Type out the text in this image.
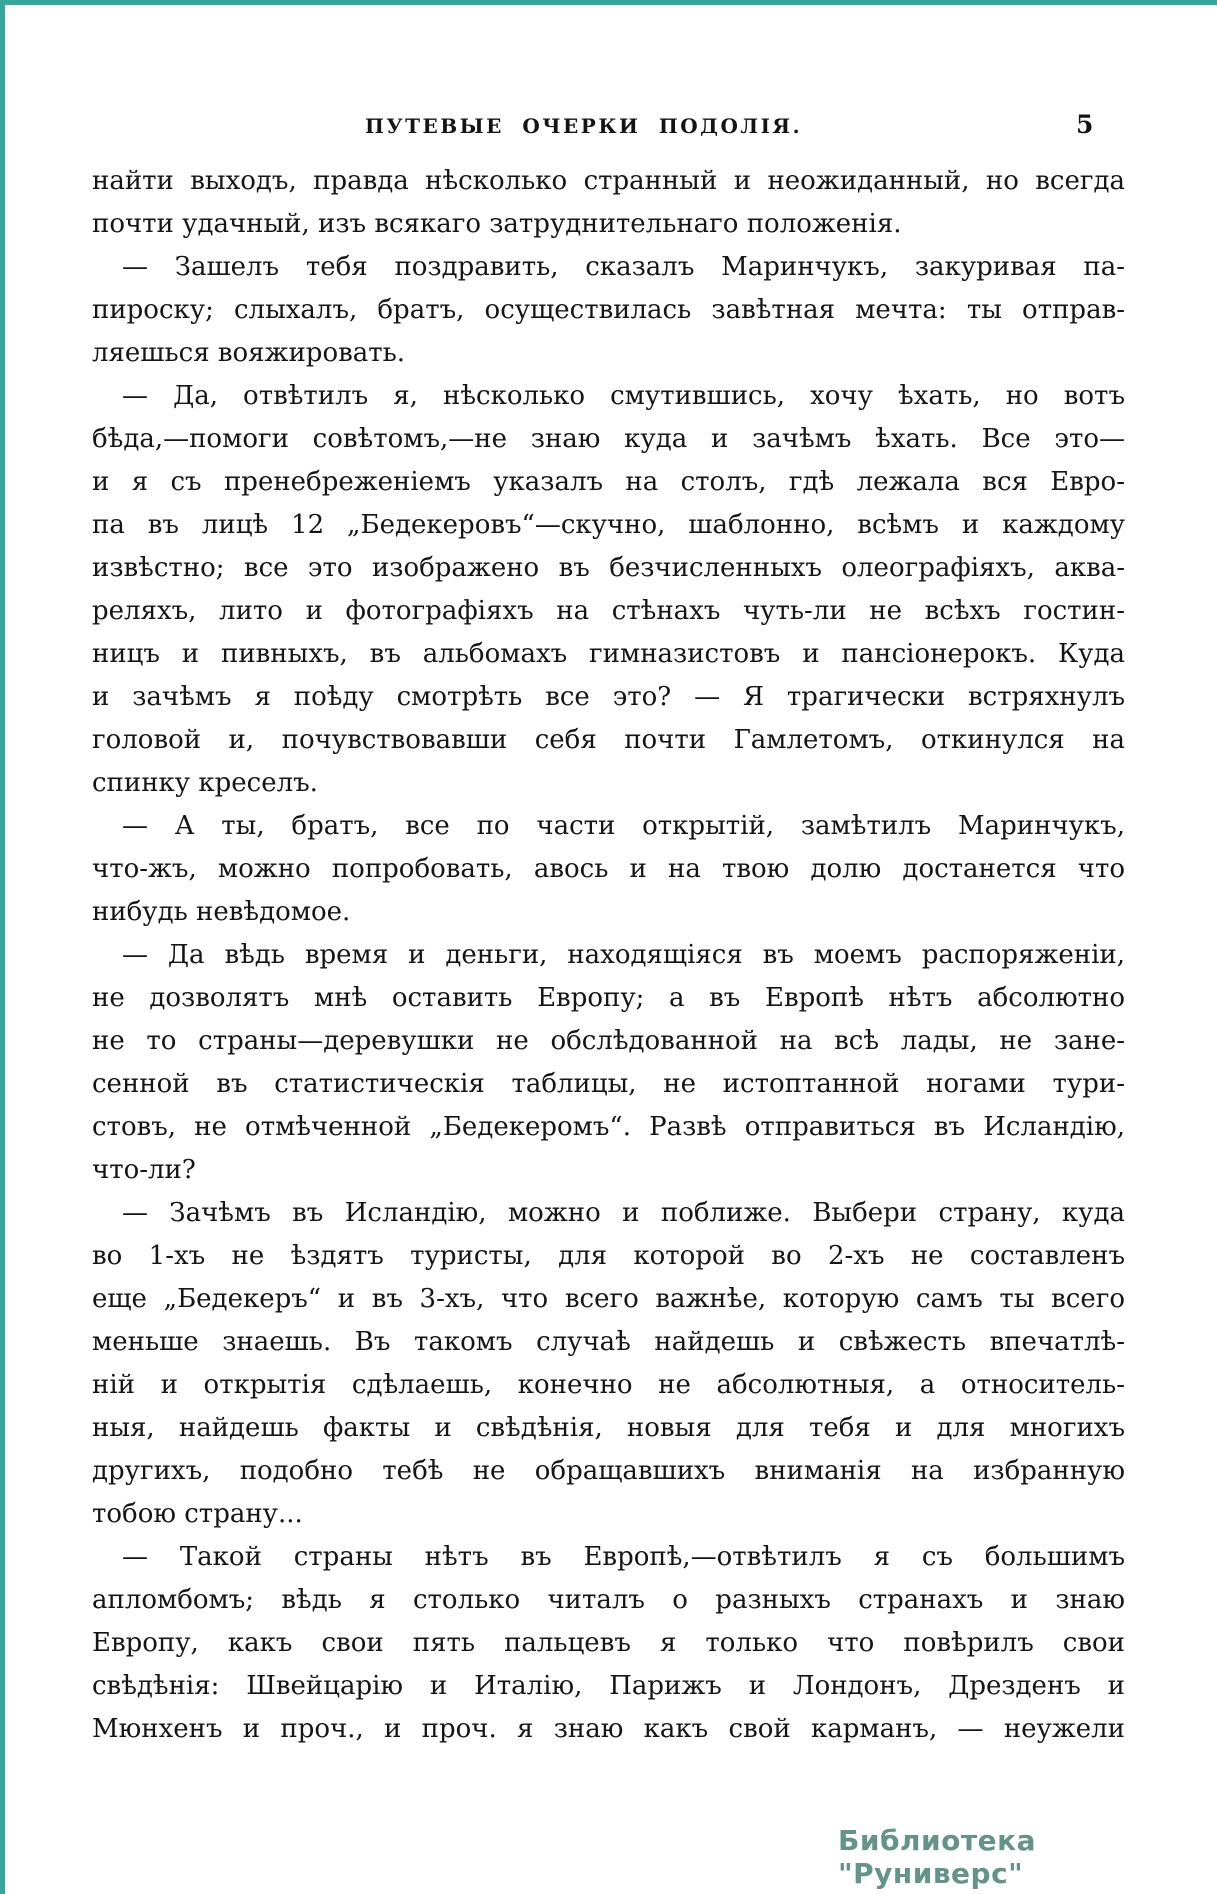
ПУТЕВЫЕ ОЧЕРКИ ПОДОЛІЯ.	5
найти выходъ, правда нѣсколько странный и неожиданный, но всегда
почти удачный, изъ всякаго затруднительнаго положенія.
— Зашелъ тебя поздравить, сказалъ Маринчукъ, закуривая па-
пироску; слыхалъ, братъ, осуществилась завѣтная мечта: ты отправ-
ляешься вояжировать.
— Да, отвѣтилъ я, нѣсколько смутившись, хочу ѣхать, но вотъ
бѣда,—помоги совѣтомъ,—не знаю куда и зачѣмъ ѣхать. Все это—
и я съ пренебреженіемъ указалъ на столъ, гдѣ лежала вся Евро-
па въ лицѣ 12 „Бедекеровъ“—скучно, шаблонно, всѣмъ и каждому
извѣстно; все это изображено въ безчисленныхъ олеографіяхъ, аква-
реляхъ, лито и фотографіяхъ на стѣнахъ чуть-ли не всѣхъ гостин-
ницъ и пивныхъ, въ альбомахъ гимназистовъ и пансіонерокъ. Куда
и зачѣмъ я поѣду смотрѣть все это? — Я трагически встряхнулъ
головой и, почувствовавши себя почти Гамлетомъ, откинулся на
спинку креселъ.
— А ты, братъ, все по части открытій, замѣтилъ Маринчукъ,
что-жъ, можно попробовать, авось и на твою долю достанется что
нибудь невѣдомое.
— Да вѣдь время и деньги, находящіяся въ моемъ распоряженіи,
не дозволятъ мнѣ оставить Европу; а въ Европѣ нѣтъ абсолютно
не то страны—деревушки не обслѣдованной на всѣ лады, не зане-
сенной въ статистическія таблицы, не истоптанной ногами тури-
стовъ, не отмѣченной „Бедекеромъ“. Развѣ отправиться въ Исландію,
что-ли?
— Зачѣмъ въ Исландію, можно и поближе. Выбери страну, куда
во 1-хъ не ѣздятъ туристы, для которой во 2-хъ не составленъ
еще „Бедекеръ“ и въ 3-хъ, что всего важнѣе, которую самъ ты всего
меньше знаешь. Въ такомъ случаѣ найдешь и свѣжесть впечатлѣ-
ній и открытія сдѣлаешь, конечно не абсолютныя, а относитель-
ныя, найдешь факты и свѣдѣнія, новыя для тебя и для многихъ
другихъ, подобно тебѣ не обращавшихъ вниманія на избранную
тобою страну...
— Такой страны нѣтъ въ Европѣ,—отвѣтилъ я съ большимъ
апломбомъ; вѣдь я столько читалъ о разныхъ странахъ и знаю
Европу, какъ свои пять пальцевъ я только что повѣрилъ свои
свѣдѣнія: Швейцарію и Италію, Парижъ и Лондонъ, Дрезденъ и
Мюнхенъ и проч., и проч. я знаю какъ свой карманъ, — неужели
Библиотека "Руниверс"
